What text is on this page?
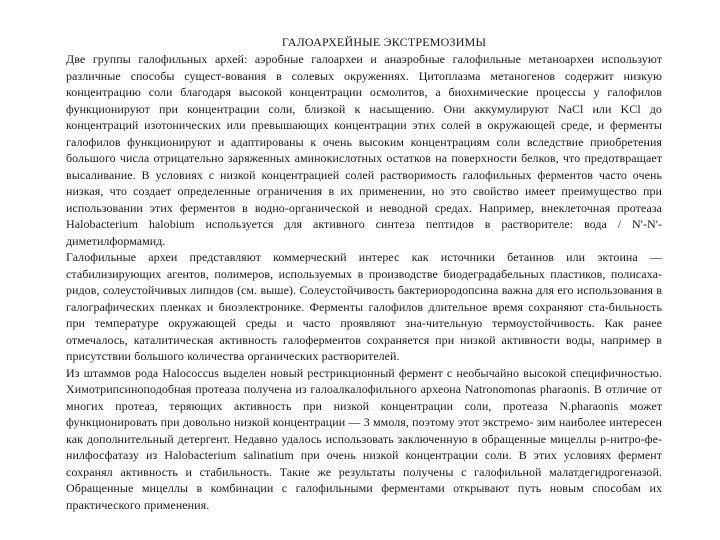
ГАЛОАРХЕЙНЫЕ ЭКСТРЕМОЗИМЫ

Две группы галофильных архей: аэробные галоархеи и анаэробные галофильные метаноархеи используют различные способы сущест-вования в солевых окружениях. Цитоплазма метаногенов содержит низкую концентрацию соли благодаря высокой концентрации осмолитов, а биохимические процессы у галофилов функционируют при концентрации соли, близкой к насыщению. Они аккумулируют NaCl или KCl до концентраций изотонических или превышающих концентрации этих солей в окружающей среде, и ферменты галофилов функционируют и адаптированы к очень высоким концентрациям соли вследствие приобретения большого числа отрицательно заряженных аминокислотных остатков на поверхности белков, что предотвращает высаливание. В условиях с низкой концентрацией солей растворимость галофильных ферментов часто очень низкая, что создает определенные ограничения в их применении, но это свойство имеет преимущество при использовании этих ферментов в водно-органической и неводной средах. Например, внеклеточная протеаза Halobacterium halobium используется для активного синтеза пептидов в растворителе: вода / N'-N'-диметилформамид.

Галофильные археи представляют коммерческий интерес как источники бетаинов или эктоина — стабилизирующих агентов, полимеров, используемых в производстве биодеградабельных пластиков, полисаха-ридов, солеустойчивых липидов (см. выше). Солеустойчивость бактериородопсина важна для его использования в галографических пленках и биоэлектронике. Ферменты галофилов длительное время сохраняют ста-бильность при температуре окружающей среды и часто проявляют зна-чительную термоустойчивость. Как ранее отмечалось, каталитическая активность галоферментов сохраняется при низкой активности воды, например в присутствии большого количества органических растворителей.

Из штаммов рода Halococcus выделен новый рестрикционный фермент с необычайно высокой специфичностью. Химотрипсиноподобная протеаза получена из галоалкалофильного археона Natronomonas pharaonis. В отличие от многих протеаз, теряющих активность при низкой концентрации соли, протеаза N.pharaonis может функционировать при довольно низкой концентрации — 3 ммоля, поэтому этот экстремо- зим наиболее интересен как дополнительный детергент. Недавно удалось использовать заключенную в обращенные мицеллы p-нитро-фе- нилфосфатазу из Halobacterium salinatium при очень низкой концентрации соли. В этих условиях фермент сохранял активность и стабильность. Такие же результаты получены с галофильной малатдегидрогеназой. Обращенные мицеллы в комбинации с галофильными ферментами открывают путь новым способам их практического применения.
